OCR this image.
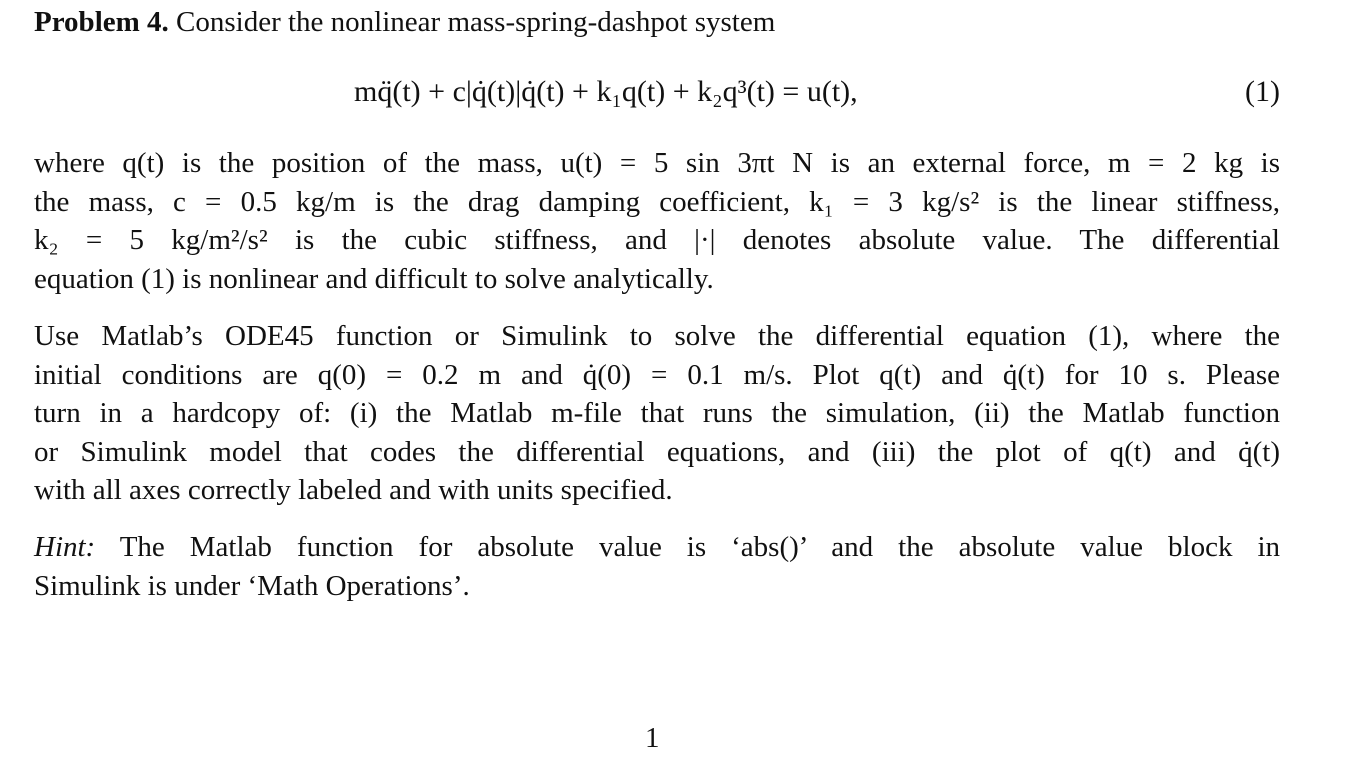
Problem 4. Consider the nonlinear mass-spring-dashpot system
mq̈(t) + c|q̇(t)|q̇(t) + k₁q(t) + k₂q³(t) = u(t),	(1)
where q(t) is the position of the mass, u(t) = 5 sin 3πt N is an external force, m = 2 kg is
the mass, c = 0.5 kg/m is the drag damping coefficient, k₁ = 3 kg/s² is the linear stiffness,
k₂ = 5 kg/m²/s² is the cubic stiffness, and |·| denotes absolute value. The differential
equation (1) is nonlinear and difficult to solve analytically.
Use Matlab’s ODE45 function or Simulink to solve the differential equation (1), where the
initial conditions are q(0) = 0.2 m and q̇(0) = 0.1 m/s. Plot q(t) and q̇(t) for 10 s. Please
turn in a hardcopy of: (i) the Matlab m-file that runs the simulation, (ii) the Matlab function
or Simulink model that codes the differential equations, and (iii) the plot of q(t) and q̇(t)
with all axes correctly labeled and with units specified.
Hint: The Matlab function for absolute value is ‘abs()’ and the absolute value block in
Simulink is under ‘Math Operations’.
1
